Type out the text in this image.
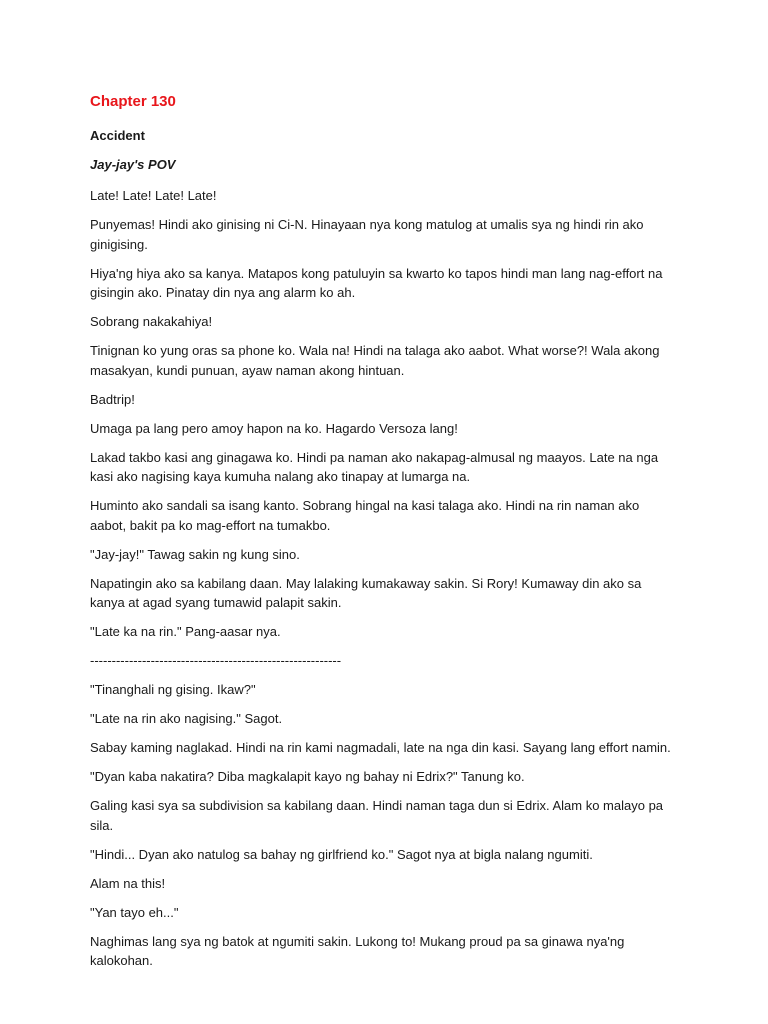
Chapter 130
Accident
Jay-jay's POV

Late! Late! Late! Late!

Punyemas! Hindi ako ginising ni Ci-N. Hinayaan nya kong matulog at umalis sya ng hindi rin ako ginigising.

Hiya'ng hiya ako sa kanya. Matapos kong patuluyin sa kwarto ko tapos hindi man lang nag-effort na gisingin ako. Pinatay din nya ang alarm ko ah.

Sobrang nakakahiya!

Tinignan ko yung oras sa phone ko. Wala na! Hindi na talaga ako aabot. What worse?! Wala akong masakyan, kundi punuan, ayaw naman akong hintuan.

Badtrip!

Umaga pa lang pero amoy hapon na ko. Hagardo Versoza lang!

Lakad takbo kasi ang ginagawa ko. Hindi pa naman ako nakapag-almusal ng maayos. Late na nga kasi ako nagising kaya kumuha nalang ako tinapay at lumarga na.

Huminto ako sandali sa isang kanto. Sobrang hingal na kasi talaga ako. Hindi na rin naman ako aabot, bakit pa ko mag-effort na tumakbo.

"Jay-jay!" Tawag sakin ng kung sino.

Napatingin ako sa kabilang daan. May lalaking kumakaway sakin. Si Rory! Kumaway din ako sa kanya at agad syang tumawid palapit sakin.

"Late ka na rin." Pang-aasar nya.

----------------------------------------------------------

"Tinanghali ng gising. Ikaw?"

"Late na rin ako nagising." Sagot.

Sabay kaming naglakad. Hindi na rin kami nagmadali, late na nga din kasi. Sayang lang effort namin.

"Dyan kaba nakatira? Diba magkalapit kayo ng bahay ni Edrix?" Tanung ko.

Galing kasi sya sa subdivision sa kabilang daan. Hindi naman taga dun si Edrix. Alam ko malayo pa sila.

"Hindi... Dyan ako natulog sa bahay ng girlfriend ko." Sagot nya at bigla nalang ngumiti.

Alam na this!

"Yan tayo eh..."

Naghimas lang sya ng batok at ngumiti sakin. Lukong to! Mukang proud pa sa ginawa nya'ng kalokohan.
